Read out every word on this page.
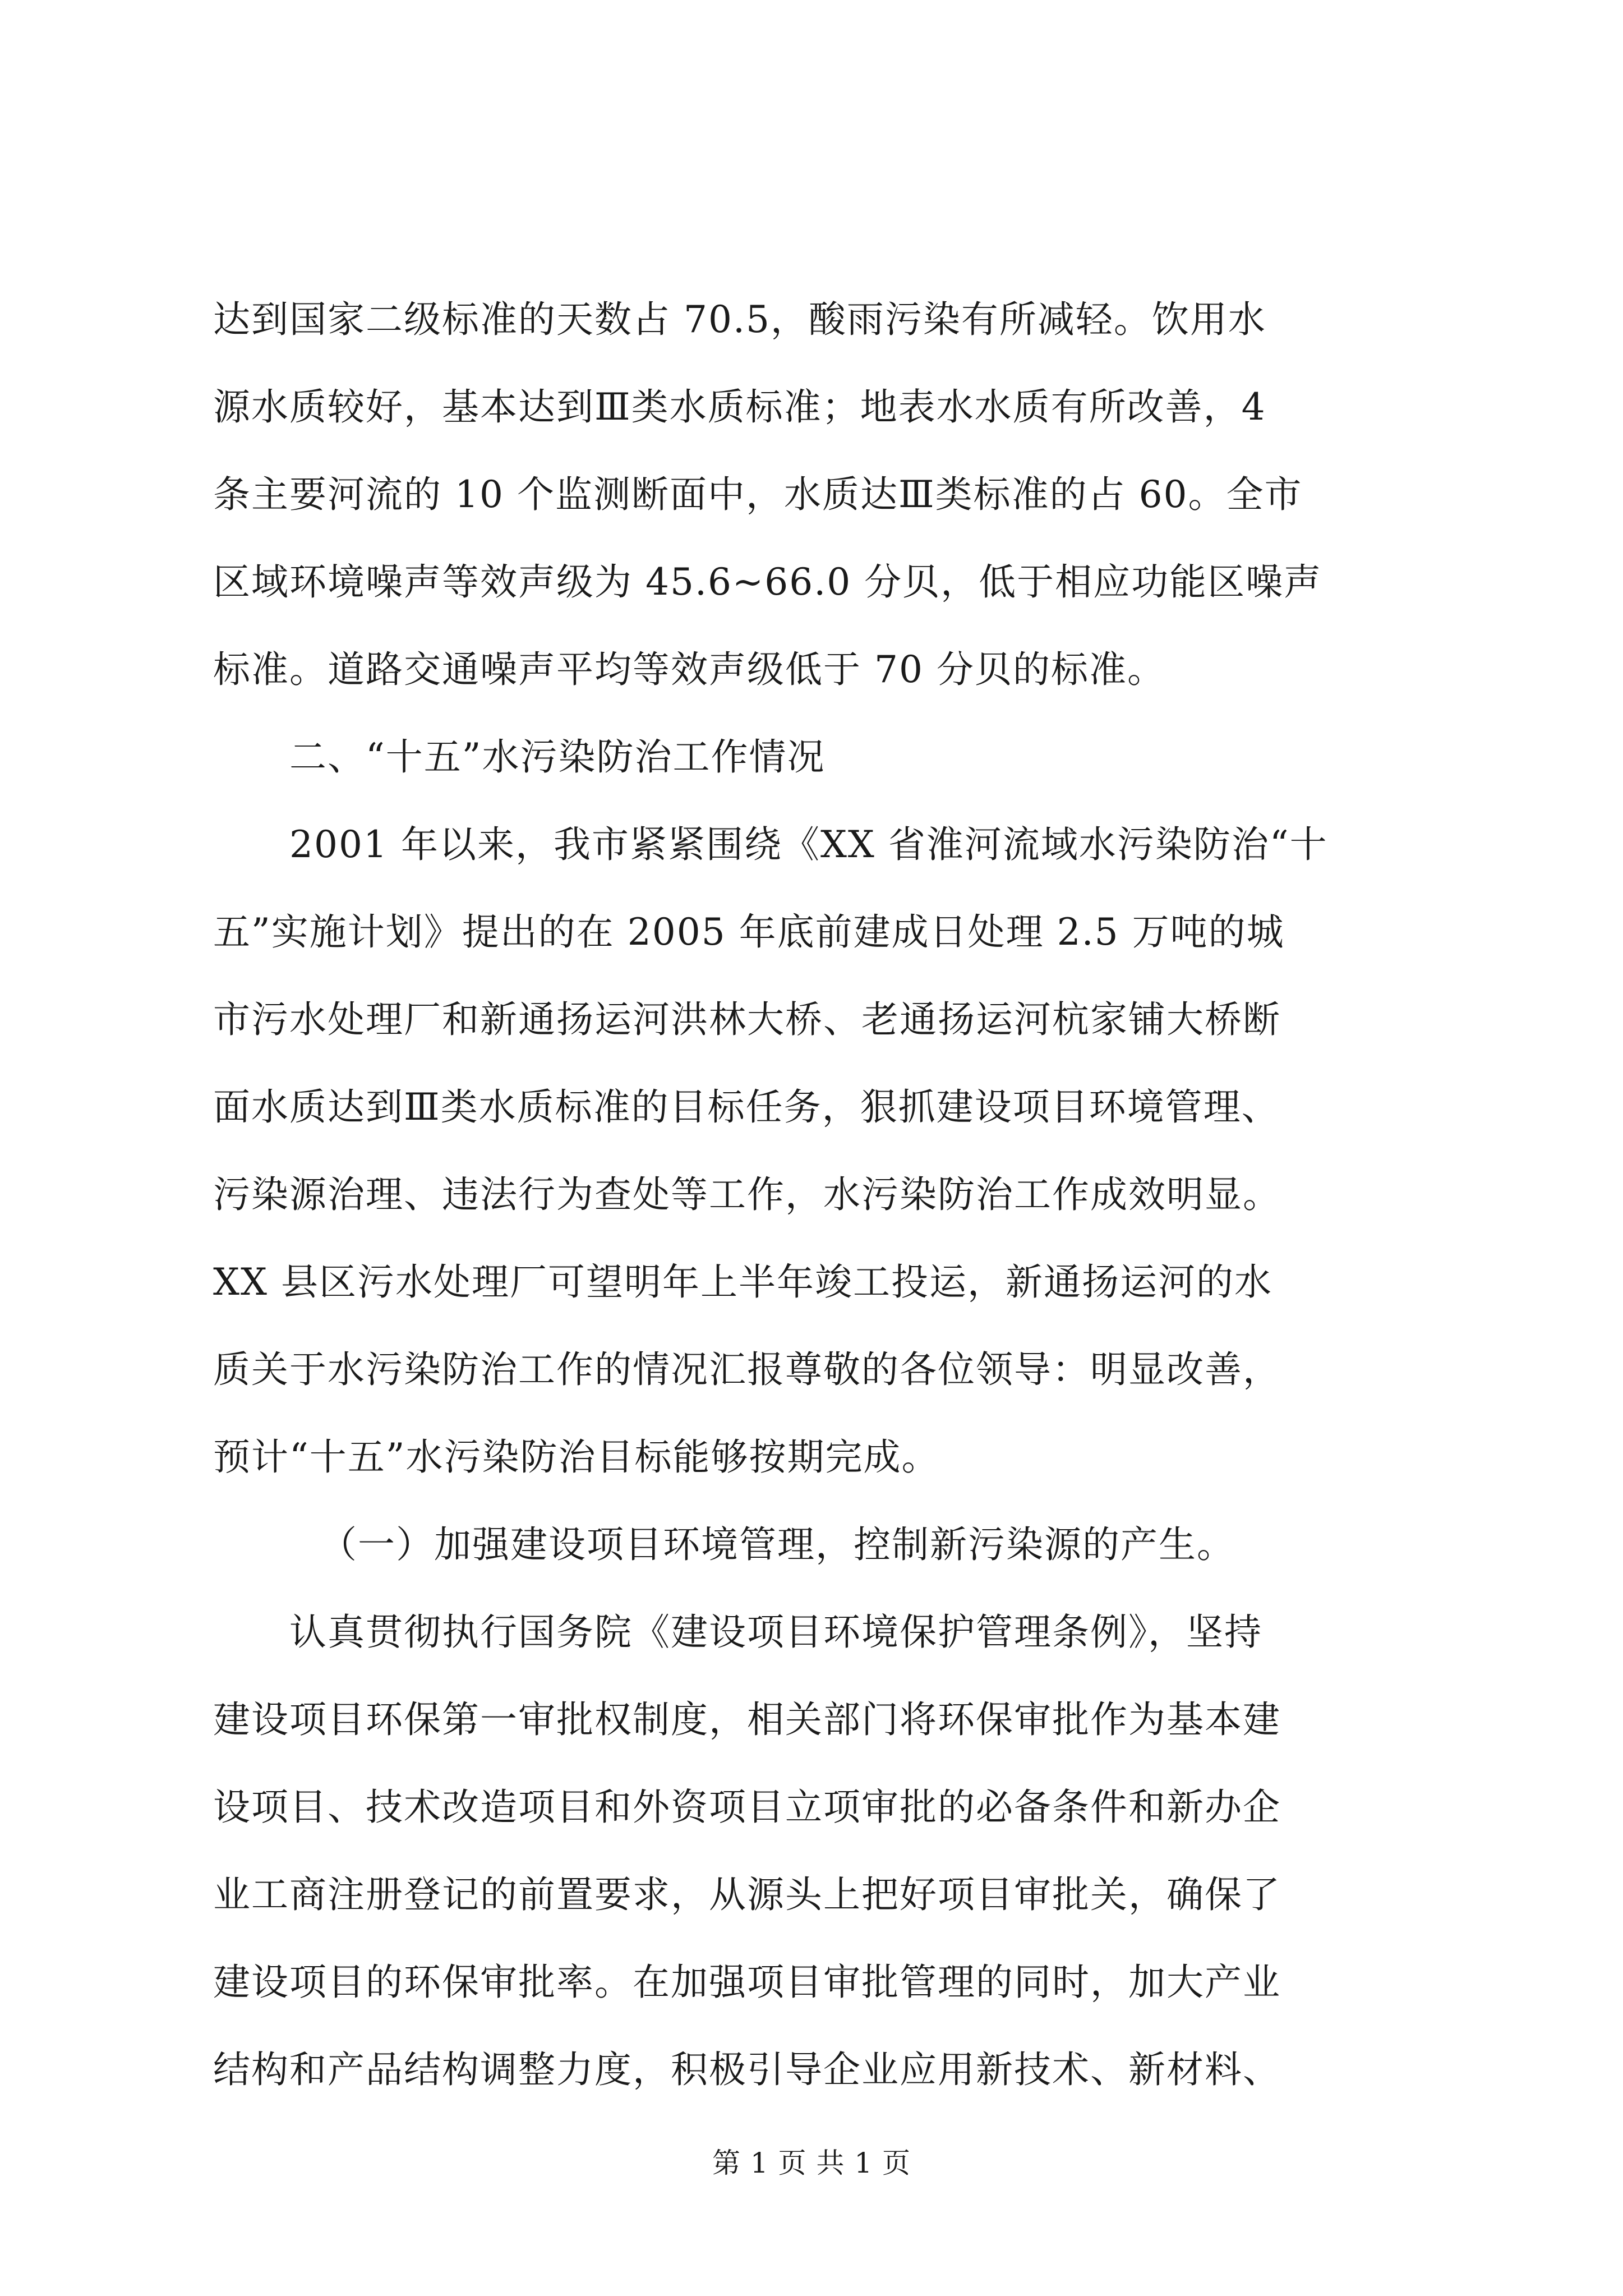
达到国家二级标准的天数占 70.5，酸雨污染有所减轻。饮用水
源水质较好，基本达到Ⅲ类水质标准；地表水水质有所改善，4
条主要河流的 10 个监测断面中，水质达Ⅲ类标准的占 60。全市
区域环境噪声等效声级为 45.6~66.0 分贝，低于相应功能区噪声
标准。道路交通噪声平均等效声级低于 70 分贝的标准。
二、“十五”水污染防治工作情况
2001 年以来，我市紧紧围绕《XX 省淮河流域水污染防治“十
五”实施计划》提出的在 2005 年底前建成日处理 2.5 万吨的城
市污水处理厂和新通扬运河洪林大桥、老通扬运河杭家铺大桥断
面水质达到Ⅲ类水质标准的目标任务，狠抓建设项目环境管理、
污染源治理、违法行为查处等工作，水污染防治工作成效明显。
XX 县区污水处理厂可望明年上半年竣工投运，新通扬运河的水
质关于水污染防治工作的情况汇报尊敬的各位领导：明显改善，
预计“十五”水污染防治目标能够按期完成。
（一）加强建设项目环境管理，控制新污染源的产生。
认真贯彻执行国务院《建设项目环境保护管理条例》，坚持
建设项目环保第一审批权制度，相关部门将环保审批作为基本建
设项目、技术改造项目和外资项目立项审批的必备条件和新办企
业工商注册登记的前置要求，从源头上把好项目审批关，确保了
建设项目的环保审批率。在加强项目审批管理的同时，加大产业
结构和产品结构调整力度，积极引导企业应用新技术、新材料、
第 1 页 共 1 页
